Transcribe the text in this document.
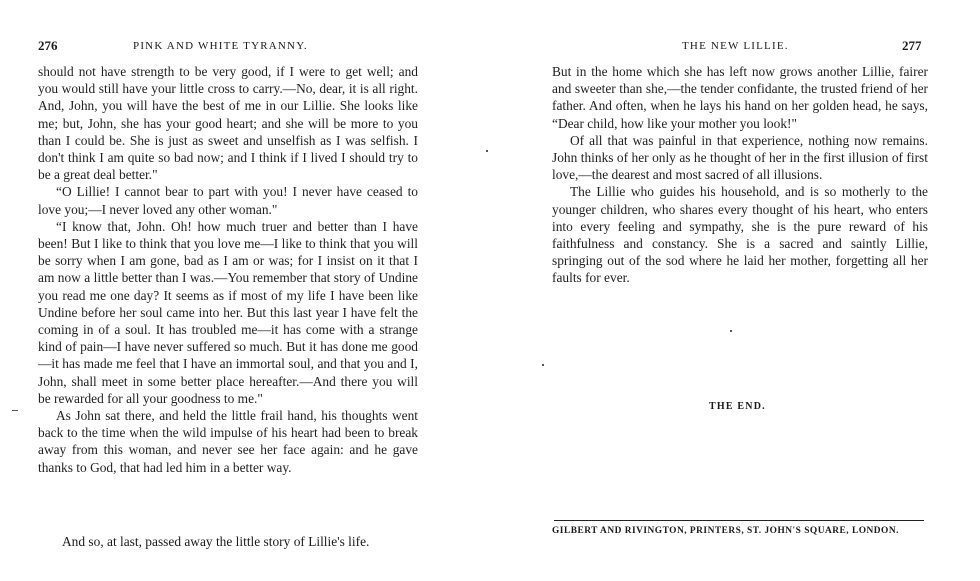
276	PINK AND WHITE TYRANNY.

should not have strength to be very good, if I were to get well; and you would still have your little cross to carry.—No, dear, it is all right. And, John, you will have the best of me in our Lillie. She looks like me; but, John, she has your good heart; and she will be more to you than I could be. She is just as sweet and unselfish as I was selfish. I don't think I am quite so bad now; and I think if I lived I should try to be a great deal better."

“O Lillie! I cannot bear to part with you! I never have ceased to love you;—I never loved any other woman."

“I know that, John. Oh! how much truer and better than I have been! But I like to think that you love me—I like to think that you will be sorry when I am gone, bad as I am or was; for I insist on it that I am now a little better than I was.—You remember that story of Undine you read me one day? It seems as if most of my life I have been like Undine before her soul came into her. But this last year I have felt the coming in of a soul. It has troubled me—it has come with a strange kind of pain—I have never suffered so much. But it has done me good—it has made me feel that I have an immortal soul, and that you and I, John, shall meet in some better place hereafter.—And there you will be rewarded for all your goodness to me."

As John sat there, and held the little frail hand, his thoughts went back to the time when the wild impulse of his heart had been to break away from this woman, and never see her face again: and he gave thanks to God, that had led him in a better way.

And so, at last, passed away the little story of Lillie's life.
THE NEW LILLIE.	277

But in the home which she has left now grows another Lillie, fairer and sweeter than she,—the tender confidante, the trusted friend of her father. And often, when he lays his hand on her golden head, he says, “Dear child, how like your mother you look!"

Of all that was painful in that experience, nothing now remains. John thinks of her only as he thought of her in the first illusion of first love,—the dearest and most sacred of all illusions.

The Lillie who guides his household, and is so motherly to the younger children, who shares every thought of his heart, who enters into every feeling and sympathy, she is the pure reward of his faithfulness and constancy. She is a sacred and saintly Lillie, springing out of the sod where he laid her mother, forgetting all her faults for ever.

THE END.
GILBERT AND RIVINGTON, PRINTERS, ST. JOHN'S SQUARE, LONDON.
